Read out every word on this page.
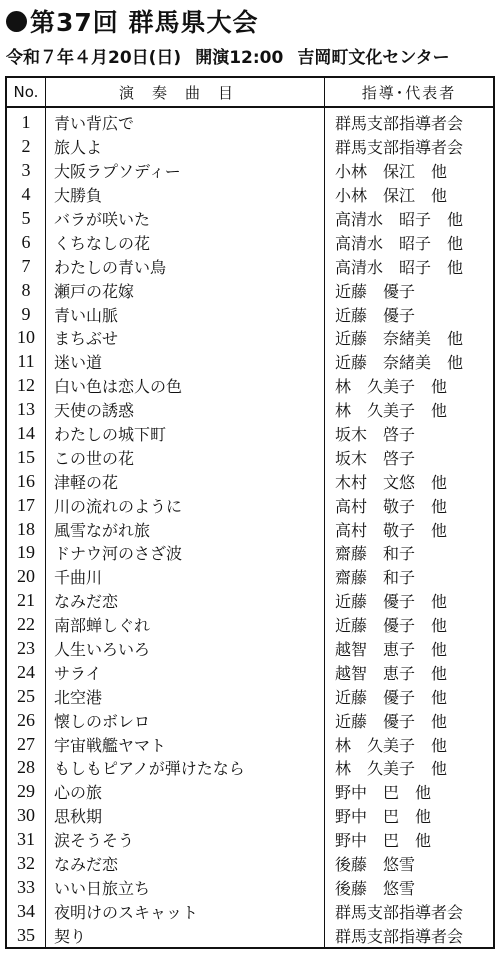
第37回 群馬県大会
令和７年４月20日(日) 開演12:00 吉岡町文化センター
No.	演奏曲目	指導･代表者
1	青い背広で	群馬支部指導者会
2	旅人よ	群馬支部指導者会
3	大阪ラプソディー	小林　保江　他
4	大勝負	小林　保江　他
5	バラが咲いた	高清水　昭子　他
6	くちなしの花	高清水　昭子　他
7	わたしの青い鳥	高清水　昭子　他
8	瀬戸の花嫁	近藤　優子
9	青い山脈	近藤　優子
10	まちぶせ	近藤　奈緒美　他
11	迷い道	近藤　奈緒美　他
12	白い色は恋人の色	林　久美子　他
13	天使の誘惑	林　久美子　他
14	わたしの城下町	坂木　啓子
15	この世の花	坂木　啓子
16	津軽の花	木村　文悠　他
17	川の流れのように	高村　敬子　他
18	風雪ながれ旅	高村　敬子　他
19	ドナウ河のさざ波	齋藤　和子
20	千曲川	齋藤　和子
21	なみだ恋	近藤　優子　他
22	南部蝉しぐれ	近藤　優子　他
23	人生いろいろ	越智　恵子　他
24	サライ	越智　恵子　他
25	北空港	近藤　優子　他
26	懐しのボレロ	近藤　優子　他
27	宇宙戦艦ヤマト	林　久美子　他
28	もしもピアノが弾けたなら	林　久美子　他
29	心の旅	野中　巴　他
30	思秋期	野中　巴　他
31	涙そうそう	野中　巴　他
32	なみだ恋	後藤　悠雪
33	いい日旅立ち	後藤　悠雪
34	夜明けのスキャット	群馬支部指導者会
35	契り	群馬支部指導者会
